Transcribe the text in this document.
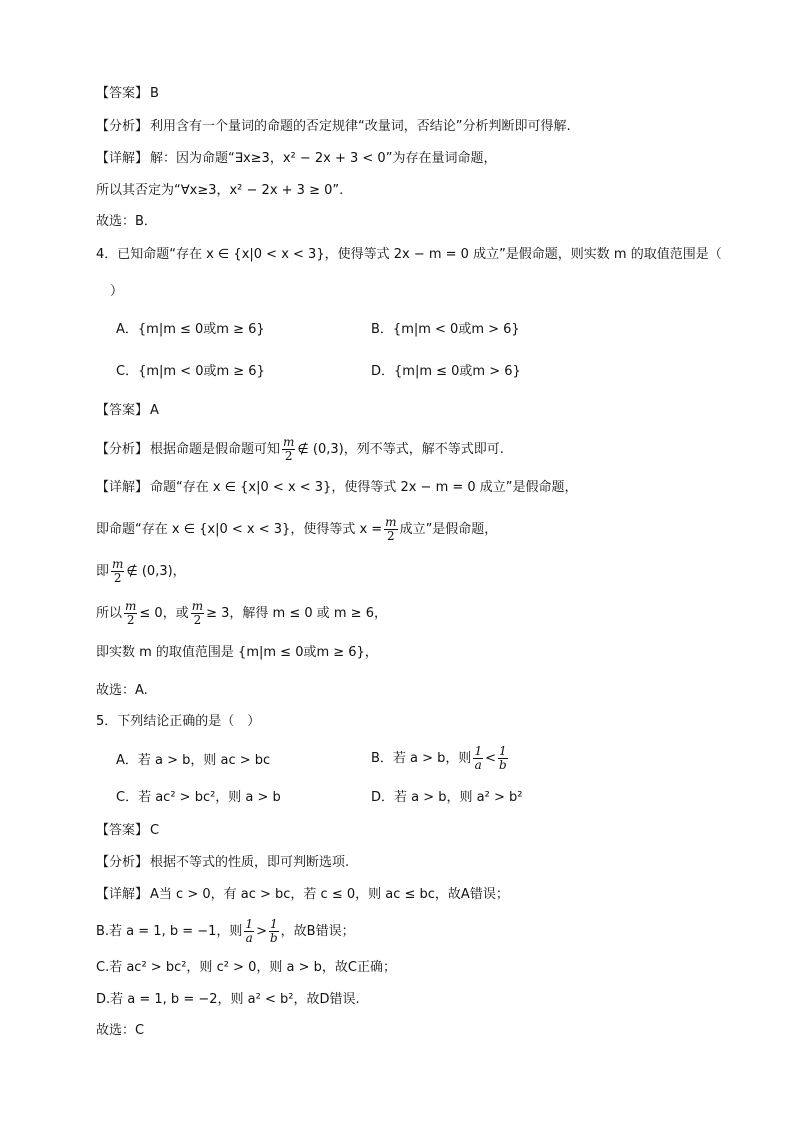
【答案】 B
【分析】 利用含有一个量词的命题的否定规律“改量词，否结论”分析判断即可得解.
【详解】 解：因为命题“∃x≥3，x² − 2x + 3 < 0”为存在量词命题，
所以其否定为“∀x≥3，x² − 2x + 3 ≥ 0”.
故选：B．
4．已知命题“存在 x ∈ {x|0 < x < 3}，使得等式 2x − m = 0 成立”是假命题，则实数 m 的取值范围是（
）
A．{m|m ≤ 0或m ≥ 6}	B．{m|m < 0或m > 6}
C．{m|m < 0或m ≥ 6}	D．{m|m ≤ 0或m > 6}
【答案】 A
【分析】 根据命题是假命题可知 $\frac{m}{2}$ ∉ (0,3)，列不等式，解不等式即可.
【详解】 命题“存在 x ∈ {x|0 < x < 3}，使得等式 2x − m = 0 成立”是假命题，
即命题“存在 x ∈ {x|0 < x < 3}，使得等式 $x = \frac{m}{2}$ 成立”是假命题，
即 $\frac{m}{2}$ ∉ (0,3)，
所以 $\frac{m}{2} \le 0$，或 $\frac{m}{2} \ge 3$，解得 m ≤ 0 或 m ≥ 6，
即实数 m 的取值范围是 {m|m ≤ 0或m ≥ 6}，
故选：A.
5．下列结论正确的是（　）
A．若 a > b，则 ac > bc	B．若 a > b，则 $\frac{1}{a} < \frac{1}{b}$
C．若 ac² > bc²，则 a > b	D．若 a > b，则 a² > b²
【答案】 C
【分析】 根据不等式的性质，即可判断选项.
【详解】 A当 c > 0，有 ac > bc，若 c ≤ 0，则 ac ≤ bc，故A错误；
B.若 a = 1, b = −1，则 $\frac{1}{a} > \frac{1}{b}$ ，故B错误；
C.若 ac² > bc²，则 c² > 0，则 a > b，故C正确；
D.若 a = 1, b = −2，则 a² < b²，故D错误.
故选：C
